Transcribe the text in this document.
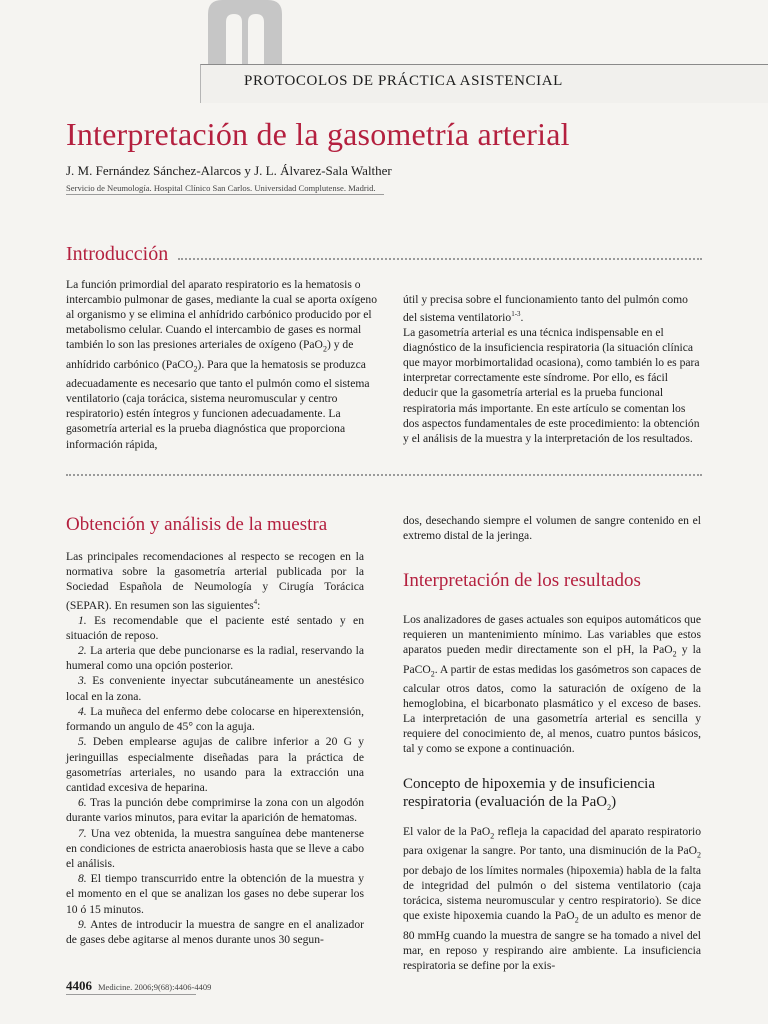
PROTOCOLOS DE PRÁCTICA ASISTENCIAL
Interpretación de la gasometría arterial
J. M. Fernández Sánchez-Alarcos y J. L. Álvarez-Sala Walther
Servicio de Neumología. Hospital Clínico San Carlos. Universidad Complutense. Madrid.
Introducción

La función primordial del aparato respiratorio es la hematosis o intercambio pulmonar de gases, mediante la cual se aporta oxígeno al organismo y se elimina el anhídrido carbónico producido por el metabolismo celular. Cuando el intercambio de gases es normal también lo son las presiones arteriales de oxígeno (PaO$_2$) y de anhídrido carbónico (PaCO$_2$). Para que la hematosis se produzca adecuadamente es necesario que tanto el pulmón como el sistema ventilatorio (caja torácica, sistema neuromuscular y centro respiratorio) estén íntegros y funcionen adecuadamente. La gasometría arterial es la prueba diagnóstica que proporciona información rápida,

útil y precisa sobre el funcionamiento tanto del pulmón como del sistema ventilatorio$^{1-3}$.

La gasometría arterial es una técnica indispensable en el diagnóstico de la insuficiencia respiratoria (la situación clínica que mayor morbimortalidad ocasiona), como también lo es para interpretar correctamente este síndrome. Por ello, es fácil deducir que la gasometría arterial es la prueba funcional respiratoria más importante. En este artículo se comentan los dos aspectos fundamentales de este procedimiento: la obtención y el análisis de la muestra y la interpretación de los resultados.

Obtención y análisis de la muestra

Las principales recomendaciones al respecto se recogen en la normativa sobre la gasometría arterial publicada por la Sociedad Española de Neumología y Cirugía Torácica (SEPAR). En resumen son las siguientes$^4$:

1. Es recomendable que el paciente esté sentado y en situación de reposo.

2. La arteria que debe puncionarse es la radial, reservando la humeral como una opción posterior.

3. Es conveniente inyectar subcutáneamente un anestésico local en la zona.

4. La muñeca del enfermo debe colocarse en hiperextensión, formando un angulo de 45° con la aguja.

5. Deben emplearse agujas de calibre inferior a 20 G y jeringuillas especialmente diseñadas para la práctica de gasometrías arteriales, no usando para la extracción una cantidad excesiva de heparina.

6. Tras la punción debe comprimirse la zona con un algodón durante varios minutos, para evitar la aparición de hematomas.

7. Una vez obtenida, la muestra sanguínea debe mantenerse en condiciones de estricta anaerobiosis hasta que se lleve a cabo el análisis.

8. El tiempo transcurrido entre la obtención de la muestra y el momento en el que se analizan los gases no debe superar los 10 ó 15 minutos.

9. Antes de introducir la muestra de sangre en el analizador de gases debe agitarse al menos durante unos 30 segun-

dos, desechando siempre el volumen de sangre contenido en el extremo distal de la jeringa.

Interpretación de los resultados

Los analizadores de gases actuales son equipos automáticos que requieren un mantenimiento mínimo. Las variables que estos aparatos pueden medir directamente son el pH, la PaO$_2$ y la PaCO$_2$. A partir de estas medidas los gasómetros son capaces de calcular otros datos, como la saturación de oxígeno de la hemoglobina, el bicarbonato plasmático y el exceso de bases. La interpretación de una gasometría arterial es sencilla y requiere del conocimiento de, al menos, cuatro puntos básicos, tal y como se expone a continuación.

Concepto de hipoxemia y de insuficiencia respiratoria (evaluación de la PaO$_2$)

El valor de la PaO$_2$ refleja la capacidad del aparato respiratorio para oxigenar la sangre. Por tanto, una disminución de la PaO$_2$ por debajo de los límites normales (hipoxemia) habla de la falta de integridad del pulmón o del sistema ventilatorio (caja torácica, sistema neuromuscular y centro respiratorio). Se dice que existe hipoxemia cuando la PaO$_2$ de un adulto es menor de 80 mmHg cuando la muestra de sangre se ha tomado a nivel del mar, en reposo y respirando aire ambiente. La insuficiencia respiratoria se define por la exis-

4406 Medicine. 2006;9(68):4406-4409
